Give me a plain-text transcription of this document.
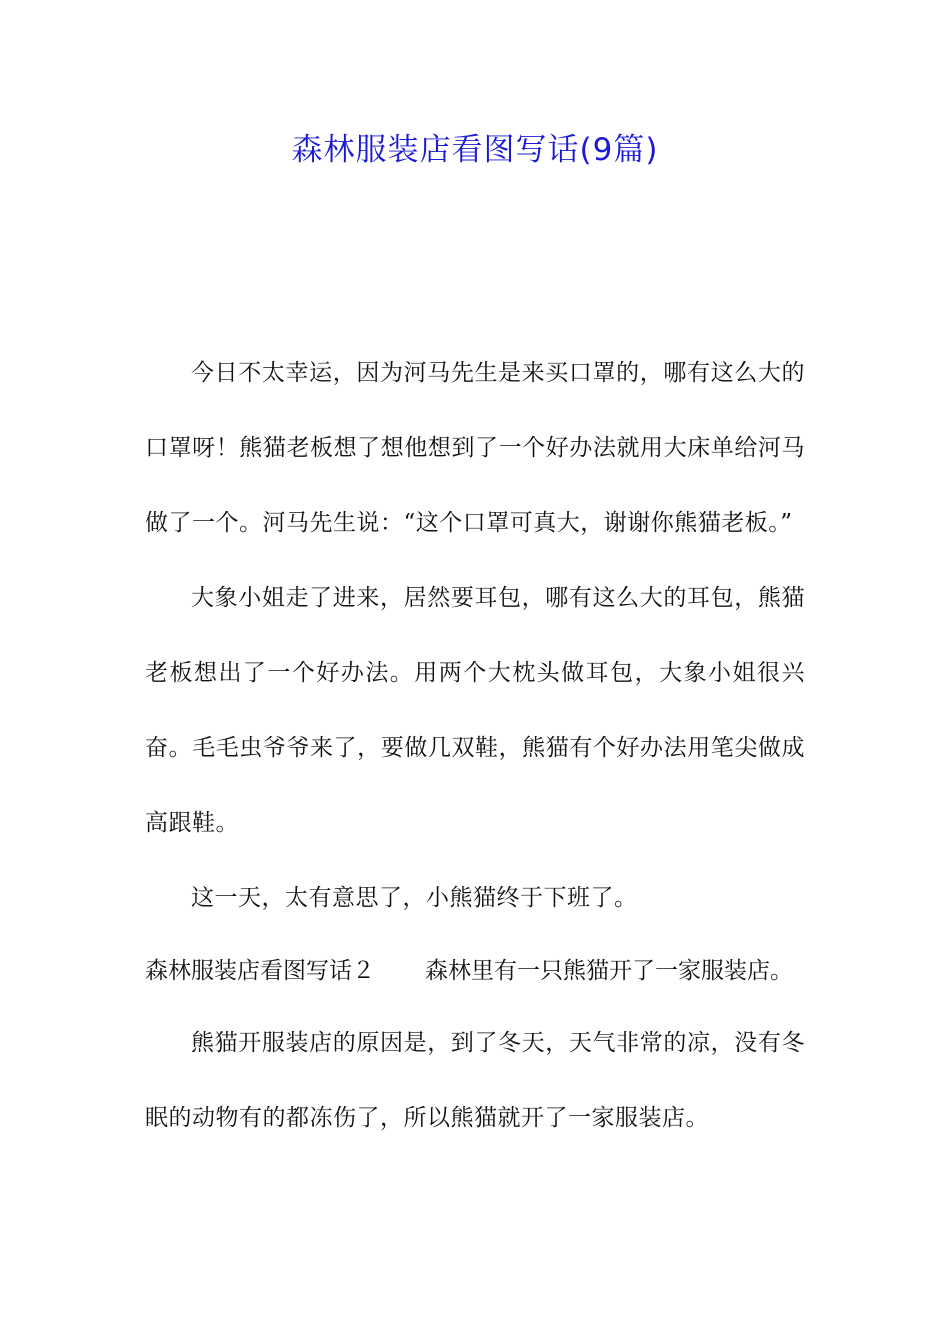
森林服装店看图写话(9篇)

今日不太幸运，因为河马先生是来买口罩的，哪有这么大的口罩呀！熊猫老板想了想他想到了一个好办法就用大床单给河马做了一个。河马先生说：“这个口罩可真大，谢谢你熊猫老板。”

大象小姐走了进来，居然要耳包，哪有这么大的耳包，熊猫老板想出了一个好办法。用两个大枕头做耳包，大象小姐很兴奋。毛毛虫爷爷来了，要做几双鞋，熊猫有个好办法用笔尖做成高跟鞋。

这一天，太有意思了，小熊猫终于下班了。

森林服装店看图写话２ 森林里有一只熊猫开了一家服装店。

熊猫开服装店的原因是，到了冬天，天气非常的凉，没有冬眠的动物有的都冻伤了，所以熊猫就开了一家服装店。
